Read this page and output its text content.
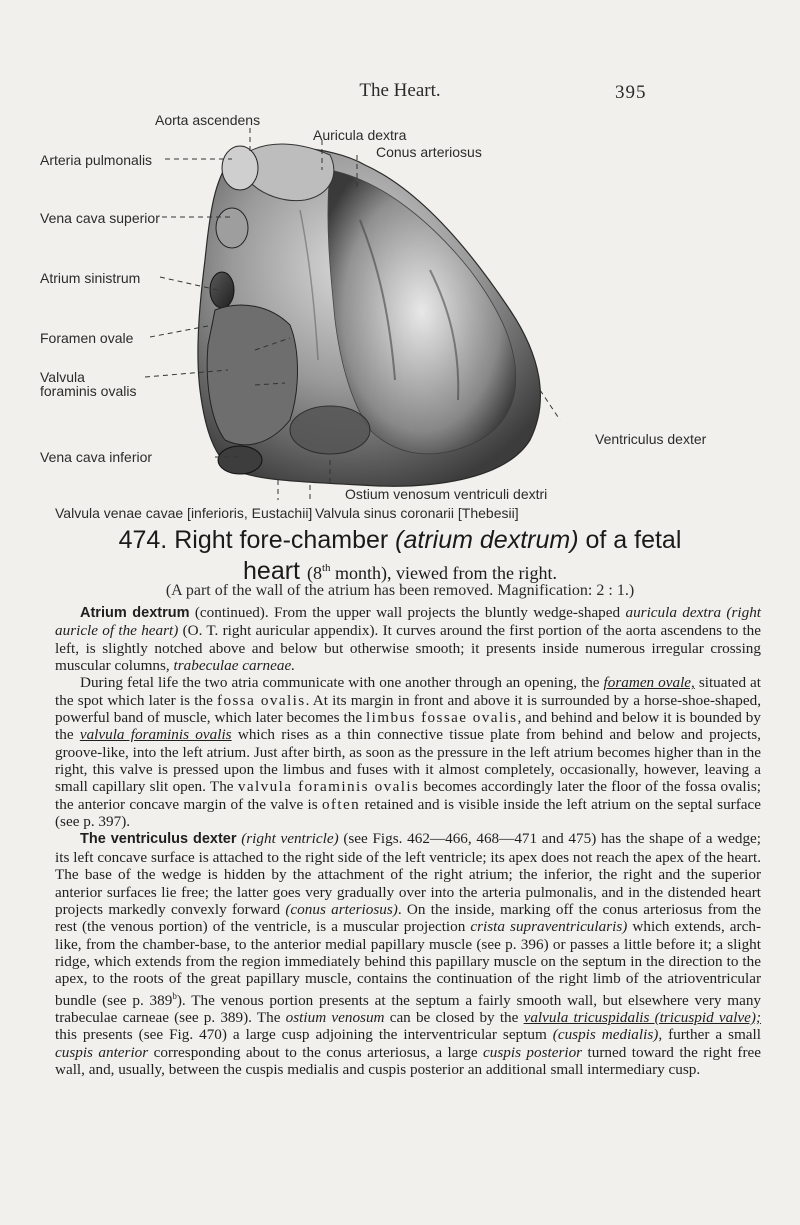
The Heart.	395
Aorta ascendens
Auricula dextra
Conus arteriosus
Arteria pulmonalis
Vena cava superior
Atrium sinistrum
Foramen ovale
Valvula
foraminis ovalis
Vena cava inferior
Ventriculus dexter
Ostium venosum ventriculi dextri
Valvula venae cavae [inferioris, Eustachii] Valvula sinus coronarii [Thebesii]
474. Right fore-chamber (atrium dextrum) of a fetal
heart (8th month), viewed from the right.
(A part of the wall of the atrium has been removed. Magnification: 2 : 1.)

Atrium dextrum (continued). From the upper wall projects the bluntly wedge-shaped auricula dextra (right auricle of the heart) (O. T. right auricular appendix). It curves around the first portion of the aorta ascendens to the left, is slightly notched above and below but otherwise smooth; it presents inside numerous irregular crossing muscular columns, trabeculae carneae.

During fetal life the two atria communicate with one another through an opening, the foramen ovale, situated at the spot which later is the fossa ovalis. At its margin in front and above it is surrounded by a horse-shoe-shaped, powerful band of muscle, which later becomes the limbus fossae ovalis, and behind and below it is bounded by the valvula foraminis ovalis which rises as a thin connective tissue plate from behind and below and projects, groove-like, into the left atrium. Just after birth, as soon as the pressure in the left atrium becomes higher than in the right, this valve is pressed upon the limbus and fuses with it almost completely, occasionally, however, leaving a small capillary slit open. The valvula foraminis ovalis becomes accordingly later the floor of the fossa ovalis; the anterior concave margin of the valve is often retained and is visible inside the left atrium on the septal surface (see p. 397).

The ventriculus dexter (right ventricle) (see Figs. 462—466, 468—471 and 475) has the shape of a wedge; its left concave surface is attached to the right side of the left ventricle; its apex does not reach the apex of the heart. The base of the wedge is hidden by the attachment of the right atrium; the inferior, the right and the superior anterior surfaces lie free; the latter goes very gradually over into the arteria pulmonalis, and in the distended heart projects markedly convexly forward (conus arteriosus). On the inside, marking off the conus arteriosus from the rest (the venous portion) of the ventricle, is a muscular projection crista supraventricularis) which extends, arch-like, from the chamber-base, to the anterior medial papillary muscle (see p. 396) or passes a little before it; a slight ridge, which extends from the region immediately behind this papillary muscle on the septum in the direction to the apex, to the roots of the great papillary muscle, contains the continuation of the right limb of the atrioventricular bundle (see p. 389$^b$). The venous portion presents at the septum a fairly smooth wall, but elsewhere very many trabeculae carneae (see p. 389). The ostium venosum can be closed by the valvula tricuspidalis (tricuspid valve); this presents (see Fig. 470) a large cusp adjoining the interventricular septum (cuspis medialis), further a small cuspis anterior corresponding about to the conus arteriosus, a large cuspis posterior turned toward the right free wall, and, usually, between the cuspis medialis and cuspis posterior an additional small intermediary cusp.
